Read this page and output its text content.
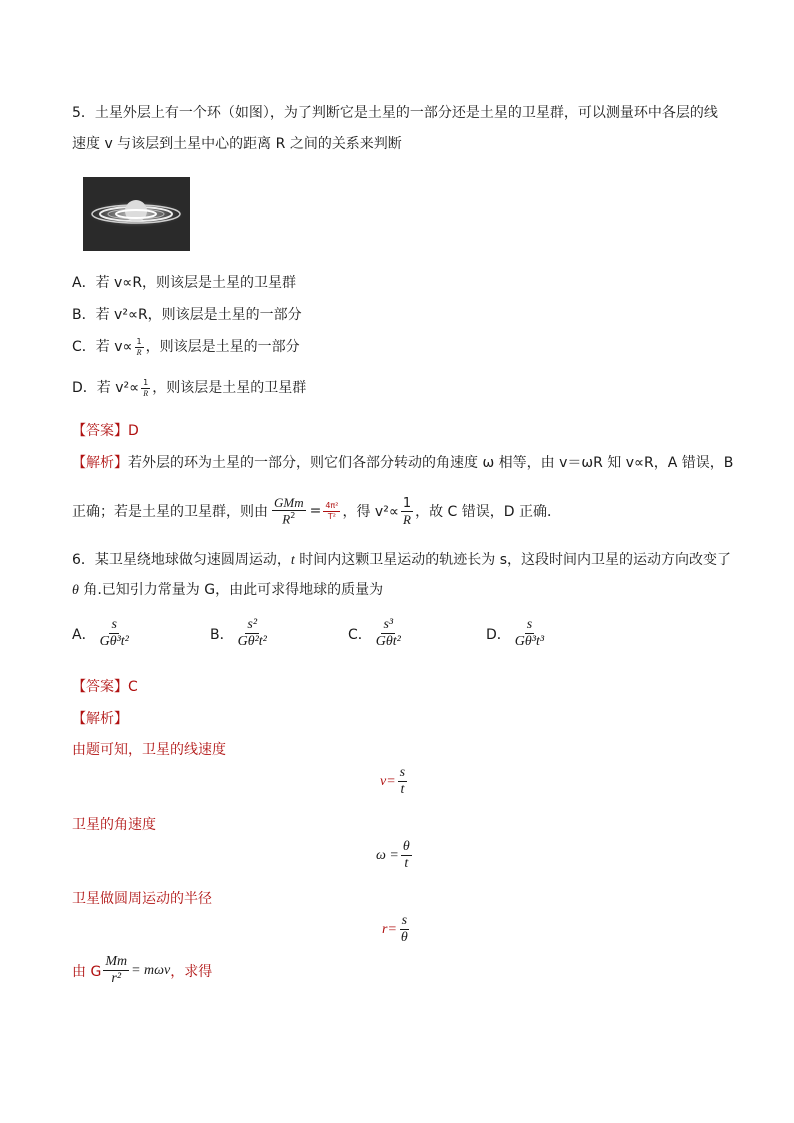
5．土星外层上有一个环（如图），为了判断它是土星的一部分还是土星的卫星群，可以测量环中各层的线
速度 v 与该层到土星中心的距离 R 之间的关系来判断
A．若 v∝R，则该层是土星的卫星群
B．若 v²∝R，则该层是土星的一部分
C．若 $v\propto \frac{1}{R}$ ，则该层是土星的一部分
D．若 $v^2\propto \frac{1}{R}$ ，则该层是土星的卫星群
【答案】D
【解析】若外层的环为土星的一部分，则它们各部分转动的角速度 ω 相等，由 v＝ωR 知 v∝R，A 错误，B
正确；若是土星的卫星群，则由 $\frac{\text{GMm}}{R^2} = \frac{\text{4π²}}{\text{T²}}$ ，得 $v^2\propto \frac{1}{R}$ ，故 C 错误，D 正确．
6．某卫星绕地球做匀速圆周运动，t 时间内这颗卫星运动的轨迹长为 s，这段时间内卫星的运动方向改变了
θ 角.已知引力常量为 G，由此可求得地球的质量为
A． $\frac{s}{\text{Gθ³t²}}$	B． $\frac{\text{s²}}{\text{Gθ²t²}}$	C． $\frac{\text{s³}}{\text{Gθt²}}$	D． $\frac{s}{\text{Gθ³t³}}$
【答案】C
【解析】
由题可知，卫星的线速度
$v= \frac{s}{t}$
卫星的角速度
$\omega = \frac{\theta}{t}$
卫星做圆周运动的半径
$r= \frac{s}{\theta}$
由 G $\frac{Mm}{\text{r²}} = m\omega v$ ，求得
